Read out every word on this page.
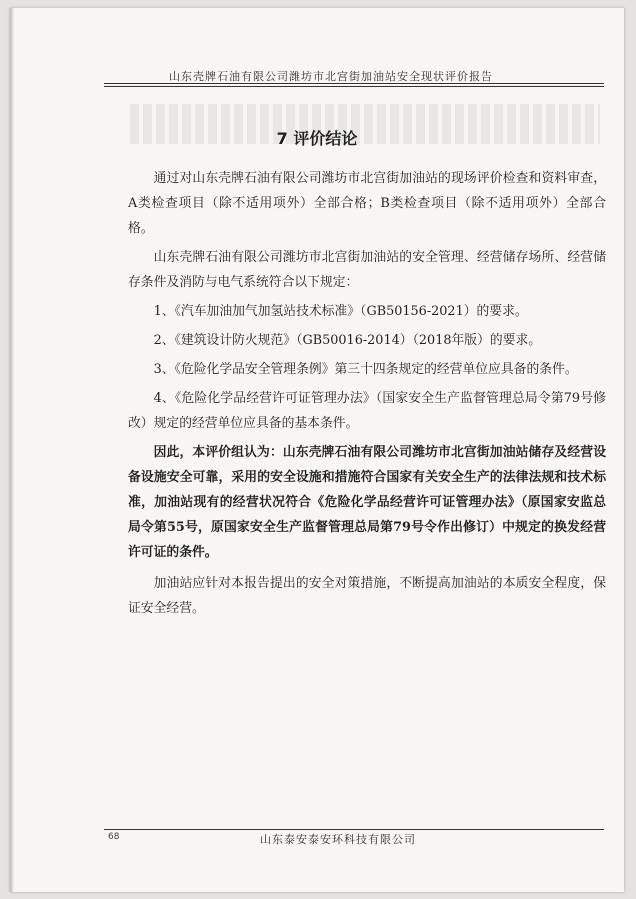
山东壳牌石油有限公司潍坊市北宫街加油站安全现状评价报告
7 评价结论

通过对山东壳牌石油有限公司潍坊市北宫街加油站的现场评价检查和资料审查，A类检查项目（除不适用项外）全部合格；B类检查项目（除不适用项外）全部合格。

山东壳牌石油有限公司潍坊市北宫街加油站的安全管理、经营储存场所、经营储存条件及消防与电气系统符合以下规定：

1、《汽车加油加气加氢站技术标准》（GB50156-2021）的要求。

2、《建筑设计防火规范》（GB50016-2014）（2018年版）的要求。

3、《危险化学品安全管理条例》第三十四条规定的经营单位应具备的条件。

4、《危险化学品经营许可证管理办法》（国家安全生产监督管理总局令第79号修改）规定的经营单位应具备的基本条件。

因此，本评价组认为：山东壳牌石油有限公司潍坊市北宫街加油站储存及经营设备设施安全可靠，采用的安全设施和措施符合国家有关安全生产的法律法规和技术标准，加油站现有的经营状况符合《危险化学品经营许可证管理办法》（原国家安监总局令第55号，原国家安全生产监督管理总局第79号令作出修订）中规定的换发经营许可证的条件。

加油站应针对本报告提出的安全对策措施，不断提高加油站的本质安全程度，保证安全经营。

68	山东泰安泰安环科技有限公司
